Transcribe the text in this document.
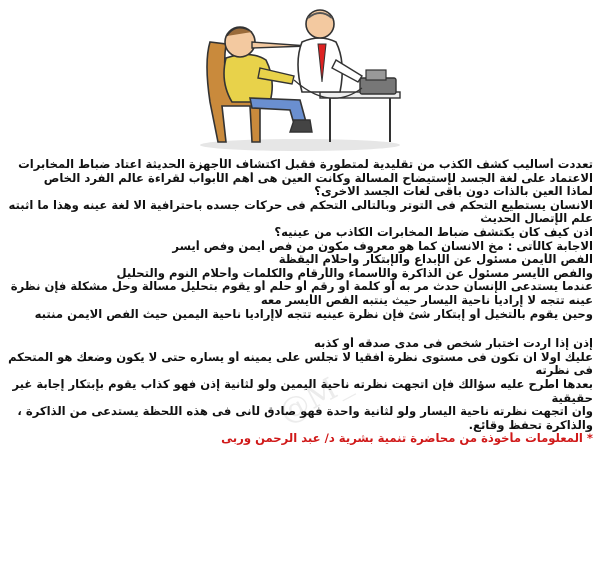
@M_
تعددت أساليب كشف الكذب من تقليدية لمتطورة فقبل اكتشاف الأجهزة الحديثة اعتاد ضباط المخابرات
الاعتماد على لغة الجسد لإستيضاح المسالة وكانت العين هى أهم الأبواب لقراءة عالم الفرد الخاص
لماذا العين بالذات دون باقى لغات الجسد الاخرى؟
الانسان يستطيع التحكم فى التوتر وبالتالى التحكم فى حركات جسده باحترافية الا لغة عينه وهذا ما اثبته
علم الإتصال الحديث
اذن كيف كان يكتشف ضباط المخابرات الكاذب من عينيه؟
الاجابة كالآتى : مخ الانسان كما هو معروف مكون من فص أيمن وفص أيسر
الفص الأيمن مسئول عن الإبداع والإبتكار وأحلام اليقظة
والفص الأيسر مسئول عن الذاكرة والأسماء والأرقام والكلمات وأحلام النوم والتحليل
عندما يستدعى الإنسان حدث مر به أو كلمة أو رقم أو حلم أو يقوم بتحليل مسالة وحل مشكلة فإن نظرة
عينه تتجه لا إراديا ناحية اليسار حيث ينتبه الفص الأيسر معه
وحين يقوم بالتخيل أو إبتكار شئ فإن نظرة عينيه تتجه لاإراديا ناحية اليمين حيث الفص الايمن منتبه
إذن إذا اردت اختبار شخص فى مدى صدقه أو كذبه
عليك اولا ان تكون فى مستوى نظرة أفقيا لا تجلس على يمينه أو يساره حتى لا يكون وضعك هو المتحكم
فى نظرته
بعدها اطرح عليه سؤالك فإن اتجهت نظرته ناحية اليمين ولو لثانية إذن فهو كذاب يقوم بإبتكار إجابة غير
حقيقية
وان اتجهت نظرته ناحية اليسار ولو لثانية واحدة فهو صادق لأنى فى هذه اللحظة يستدعى من الذاكرة ،
والذاكرة تحفظ وقائع.
* المعلومات مأخوذة من محاضرة تنمية بشرية د/ عبد الرحمن وربى
